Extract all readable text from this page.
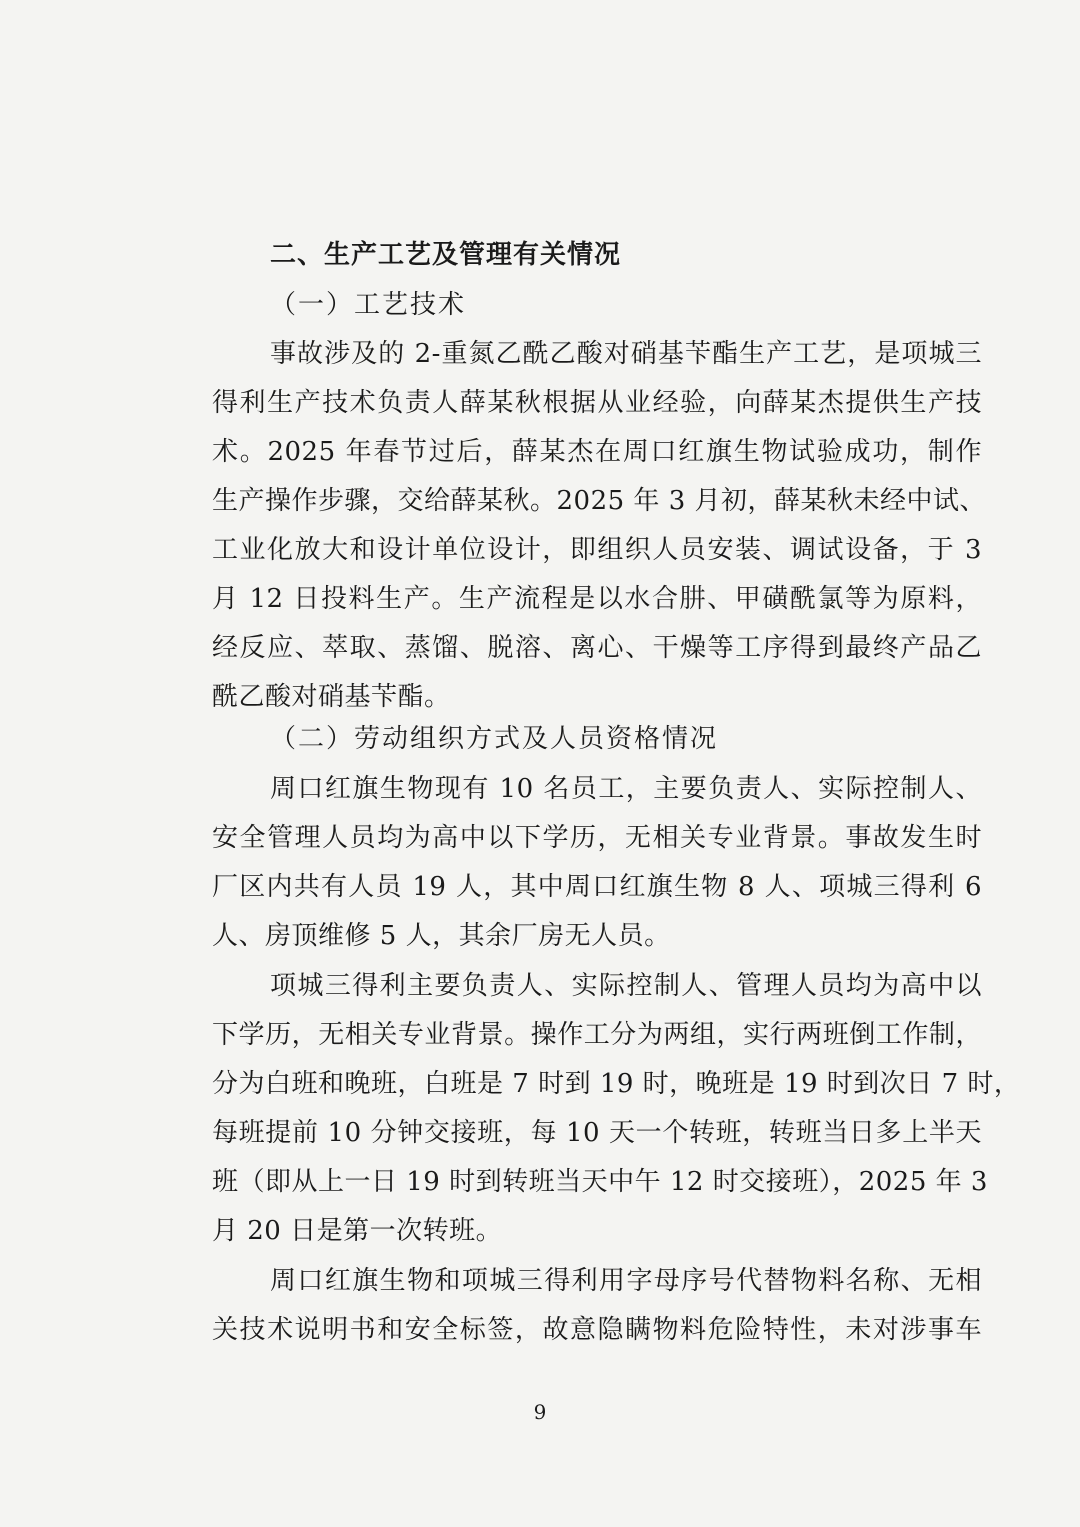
二、生产工艺及管理有关情况
（一）工艺技术
事故涉及的 2-重氮乙酰乙酸对硝基苄酯生产工艺，是项城三
得利生产技术负责人薛某秋根据从业经验，向薛某杰提供生产技
术。2025 年春节过后，薛某杰在周口红旗生物试验成功，制作
生产操作步骤，交给薛某秋。2025 年 3 月初，薛某秋未经中试、
工业化放大和设计单位设计，即组织人员安装、调试设备，于 3
月 12 日投料生产。生产流程是以水合肼、甲磺酰氯等为原料，
经反应、萃取、蒸馏、脱溶、离心、干燥等工序得到最终产品乙
酰乙酸对硝基苄酯。
（二）劳动组织方式及人员资格情况
周口红旗生物现有 10 名员工，主要负责人、实际控制人、
安全管理人员均为高中以下学历，无相关专业背景。事故发生时
厂区内共有人员 19 人，其中周口红旗生物 8 人、项城三得利 6
人、房顶维修 5 人，其余厂房无人员。
项城三得利主要负责人、实际控制人、管理人员均为高中以
下学历，无相关专业背景。操作工分为两组，实行两班倒工作制，
分为白班和晚班，白班是 7 时到 19 时，晚班是 19 时到次日 7 时，
每班提前 10 分钟交接班，每 10 天一个转班，转班当日多上半天
班（即从上一日 19 时到转班当天中午 12 时交接班），2025 年 3
月 20 日是第一次转班。
周口红旗生物和项城三得利用字母序号代替物料名称、无相
关技术说明书和安全标签，故意隐瞒物料危险特性，未对涉事车
9
